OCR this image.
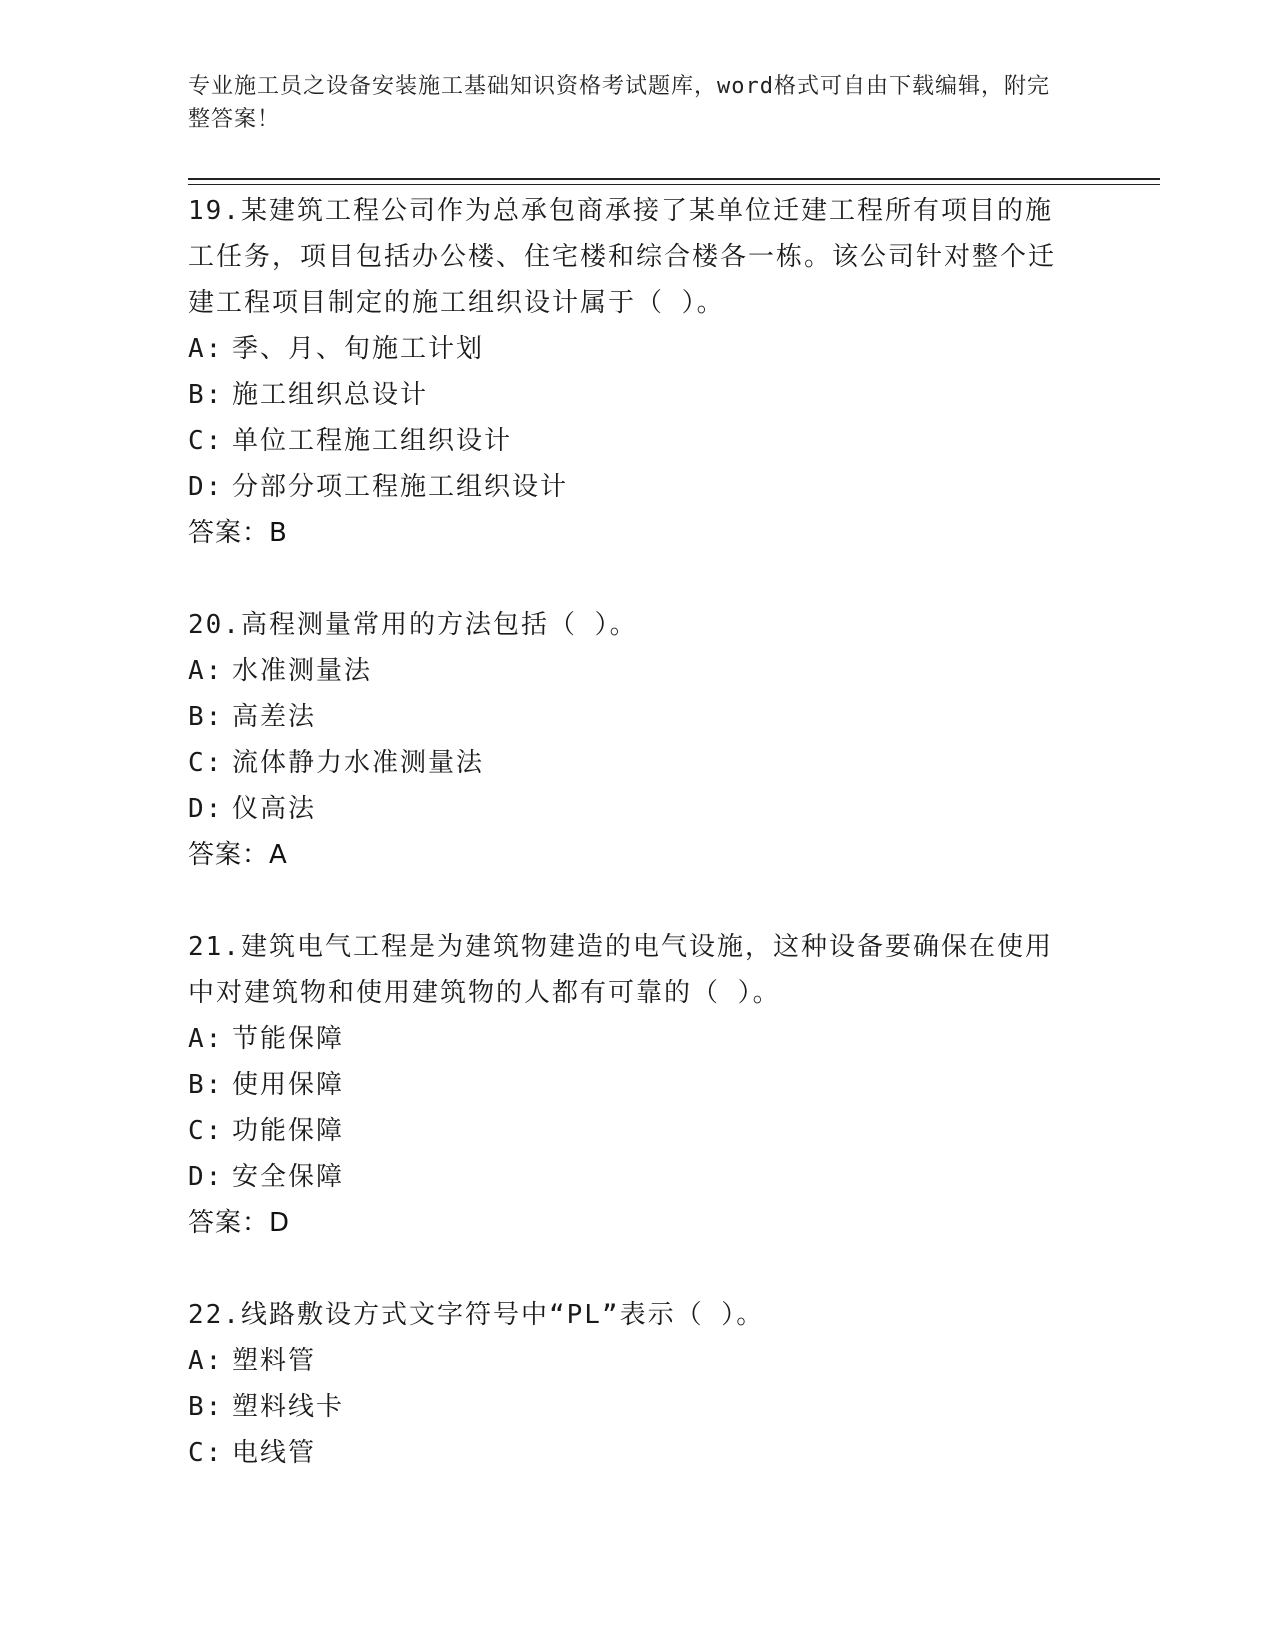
专业施工员之设备安装施工基础知识资格考试题库，word格式可自由下载编辑，附完整答案！
19.某建筑工程公司作为总承包商承接了某单位迁建工程所有项目的施工任务，项目包括办公楼、住宅楼和综合楼各一栋。该公司针对整个迁建工程项目制定的施工组织设计属于（ ）。
A: 季、月、旬施工计划
B: 施工组织总设计
C: 单位工程施工组织设计
D: 分部分项工程施工组织设计
答案：B
20.高程测量常用的方法包括（ ）。
A: 水准测量法
B: 高差法
C: 流体静力水准测量法
D: 仪高法
答案：A
21.建筑电气工程是为建筑物建造的电气设施，这种设备要确保在使用中对建筑物和使用建筑物的人都有可靠的（ ）。
A: 节能保障
B: 使用保障
C: 功能保障
D: 安全保障
答案：D
22.线路敷设方式文字符号中“PL”表示（ ）。
A: 塑料管
B: 塑料线卡
C: 电线管
